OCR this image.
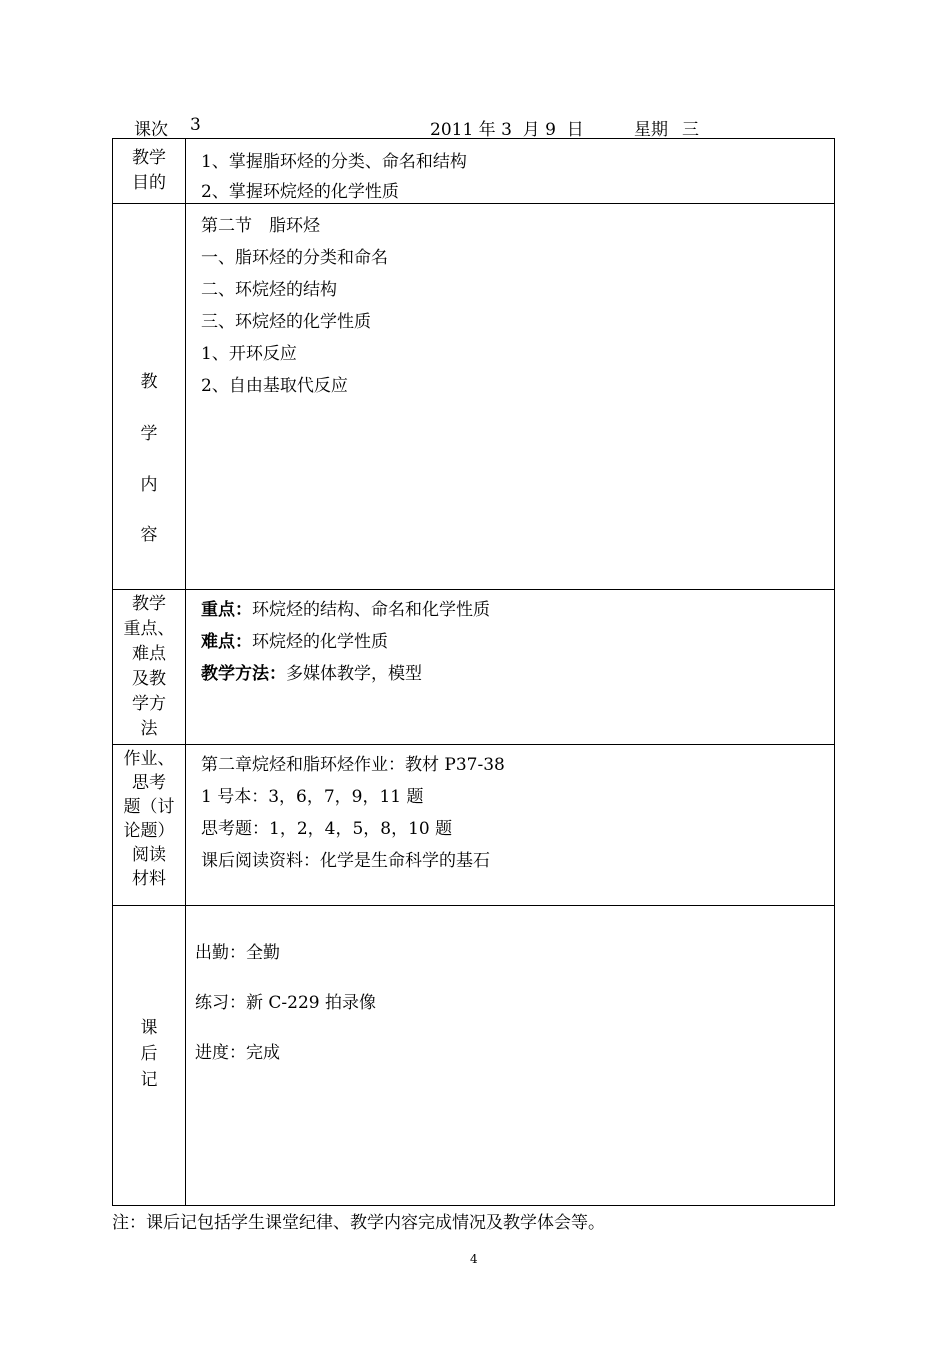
课次 3	2011 年 3 月 9 日	星期 三
教学
目的
1、掌握脂环烃的分类、命名和结构
2、掌握环烷烃的化学性质
教
学
内
容
第二节　脂环烃
一、脂环烃的分类和命名
二、环烷烃的结构
三、环烷烃的化学性质
1、开环反应
2、自由基取代反应
教学
重点、
难点
及教
学方
法
重点：环烷烃的结构、命名和化学性质
难点：环烷烃的化学性质
教学方法：多媒体教学，模型
作业、
思考
题（讨
论题）
阅读
材料
第二章烷烃和脂环烃作业：教材 P37-38
1 号本：3，6，7，9，11 题
思考题：1，2，4，5，8，10 题
课后阅读资料：化学是生命科学的基石
课
后
记
出勤：全勤
练习：新 C-229 拍录像
进度：完成
注：课后记包括学生课堂纪律、教学内容完成情况及教学体会等。
4
